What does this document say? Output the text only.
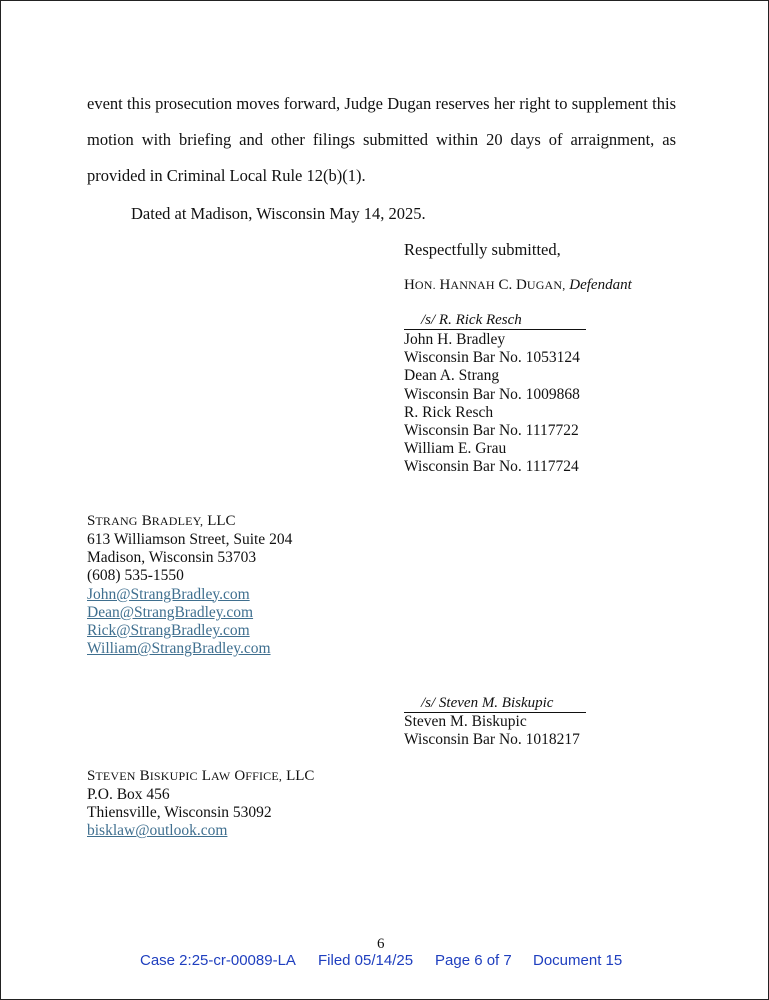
event this prosecution moves forward, Judge Dugan reserves her right to supplement this
motion with briefing and other filings submitted within 20 days of arraignment, as
provided in Criminal Local Rule 12(b)(1).
Dated at Madison, Wisconsin May 14, 2025.
Respectfully submitted,
HON. HANNAH C. DUGAN, Defendant
/s/ R. Rick Resch
John H. Bradley
Wisconsin Bar No. 1053124
Dean A. Strang
Wisconsin Bar No. 1009868
R. Rick Resch
Wisconsin Bar No. 1117722
William E. Grau
Wisconsin Bar No. 1117724
STRANG BRADLEY, LLC
613 Williamson Street, Suite 204
Madison, Wisconsin 53703
(608) 535-1550
John@StrangBradley.com
Dean@StrangBradley.com
Rick@StrangBradley.com
William@StrangBradley.com
/s/ Steven M. Biskupic
Steven M. Biskupic
Wisconsin Bar No. 1018217
STEVEN BISKUPIC LAW OFFICE, LLC
P.O. Box 456
Thiensville, Wisconsin 53092
bisklaw@outlook.com
6
Case 2:25-cr-00089-LA Filed 05/14/25 Page 6 of 7 Document 15
